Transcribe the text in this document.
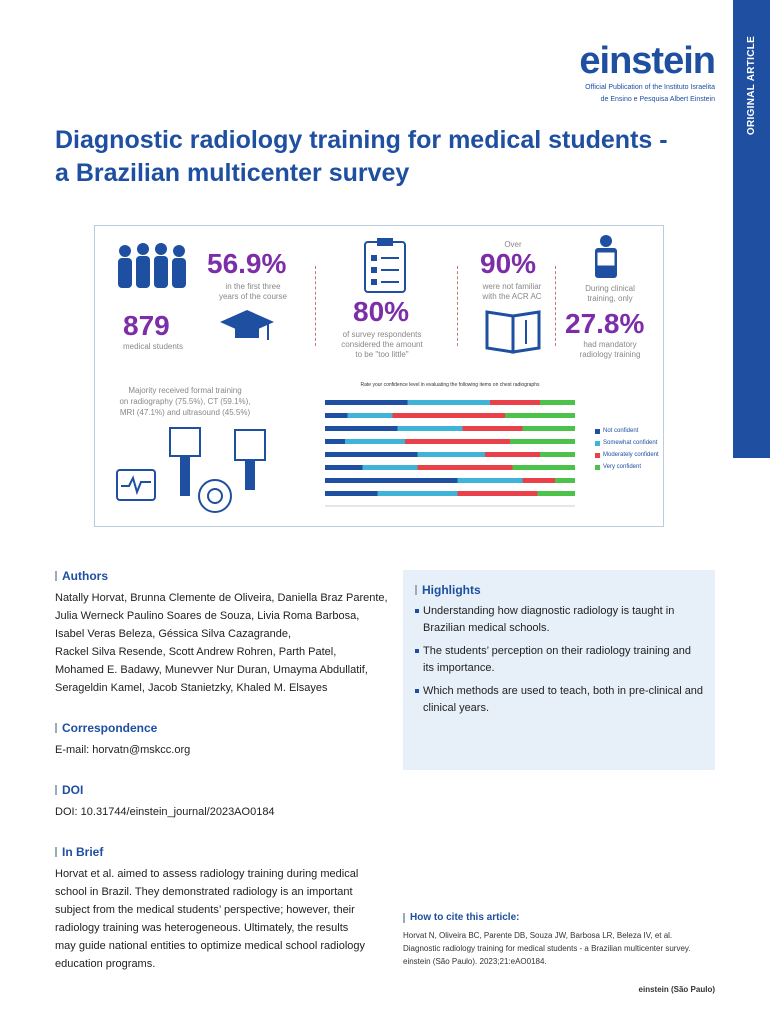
ORIGINAL ARTICLE
einstein
Official Publication of the Instituto Israelita
de Ensino e Pesquisa Albert Einstein
Diagnostic radiology training for medical students - a Brazilian multicenter survey
56.9%
in the first three
years of the course
879
medical students
80%
of survey respondents
considered the amount
to be "too little"
Over
90%
were not familiar
with the ACR AC
During clinical
training, only
27.8%
had mandatory
radiology training
Majority received formal training
on radiography (75.5%), CT (59.1%),
MRI (47.1%) and ultrasound (45.5%)
Rate your confidence level in evaluating the following items on chest radiographs
Not confident
Somewhat confident
Moderately confident
Very confident
Authors
Natally Horvat, Brunna Clemente de Oliveira, Daniella Braz Parente,
Julia Werneck Paulino Soares de Souza, Livia Roma Barbosa,
Isabel Veras Beleza, Géssica Silva Cazagrande,
Rackel Silva Resende, Scott Andrew Rohren, Parth Patel,
Mohamed E. Badawy, Munevver Nur Duran, Umayma Abdullatif,
Serageldin Kamel, Jacob Stanietzky, Khaled M. Elsayes
Correspondence
E-mail: horvatn@mskcc.org
DOI
DOI: 10.31744/einstein_journal/2023AO0184
In Brief
Horvat et al. aimed to assess radiology training during medical
school in Brazil. They demonstrated radiology is an important
subject from the medical students’ perspective; however, their
radiology training was heterogeneous. Ultimately, the results
may guide national entities to optimize medical school radiology
education programs.
Highlights
Understanding how diagnostic radiology is taught in Brazilian medical schools.
The students’ perception on their radiology training and its importance.
Which methods are used to teach, both in pre-clinical and clinical years.
How to cite this article:
Horvat N, Oliveira BC, Parente DB, Souza JW, Barbosa LR, Beleza IV, et al.
Diagnostic radiology training for medical students - a Brazilian multicenter survey.
einstein (São Paulo). 2023;21:eAO0184.
einstein (São Paulo)
